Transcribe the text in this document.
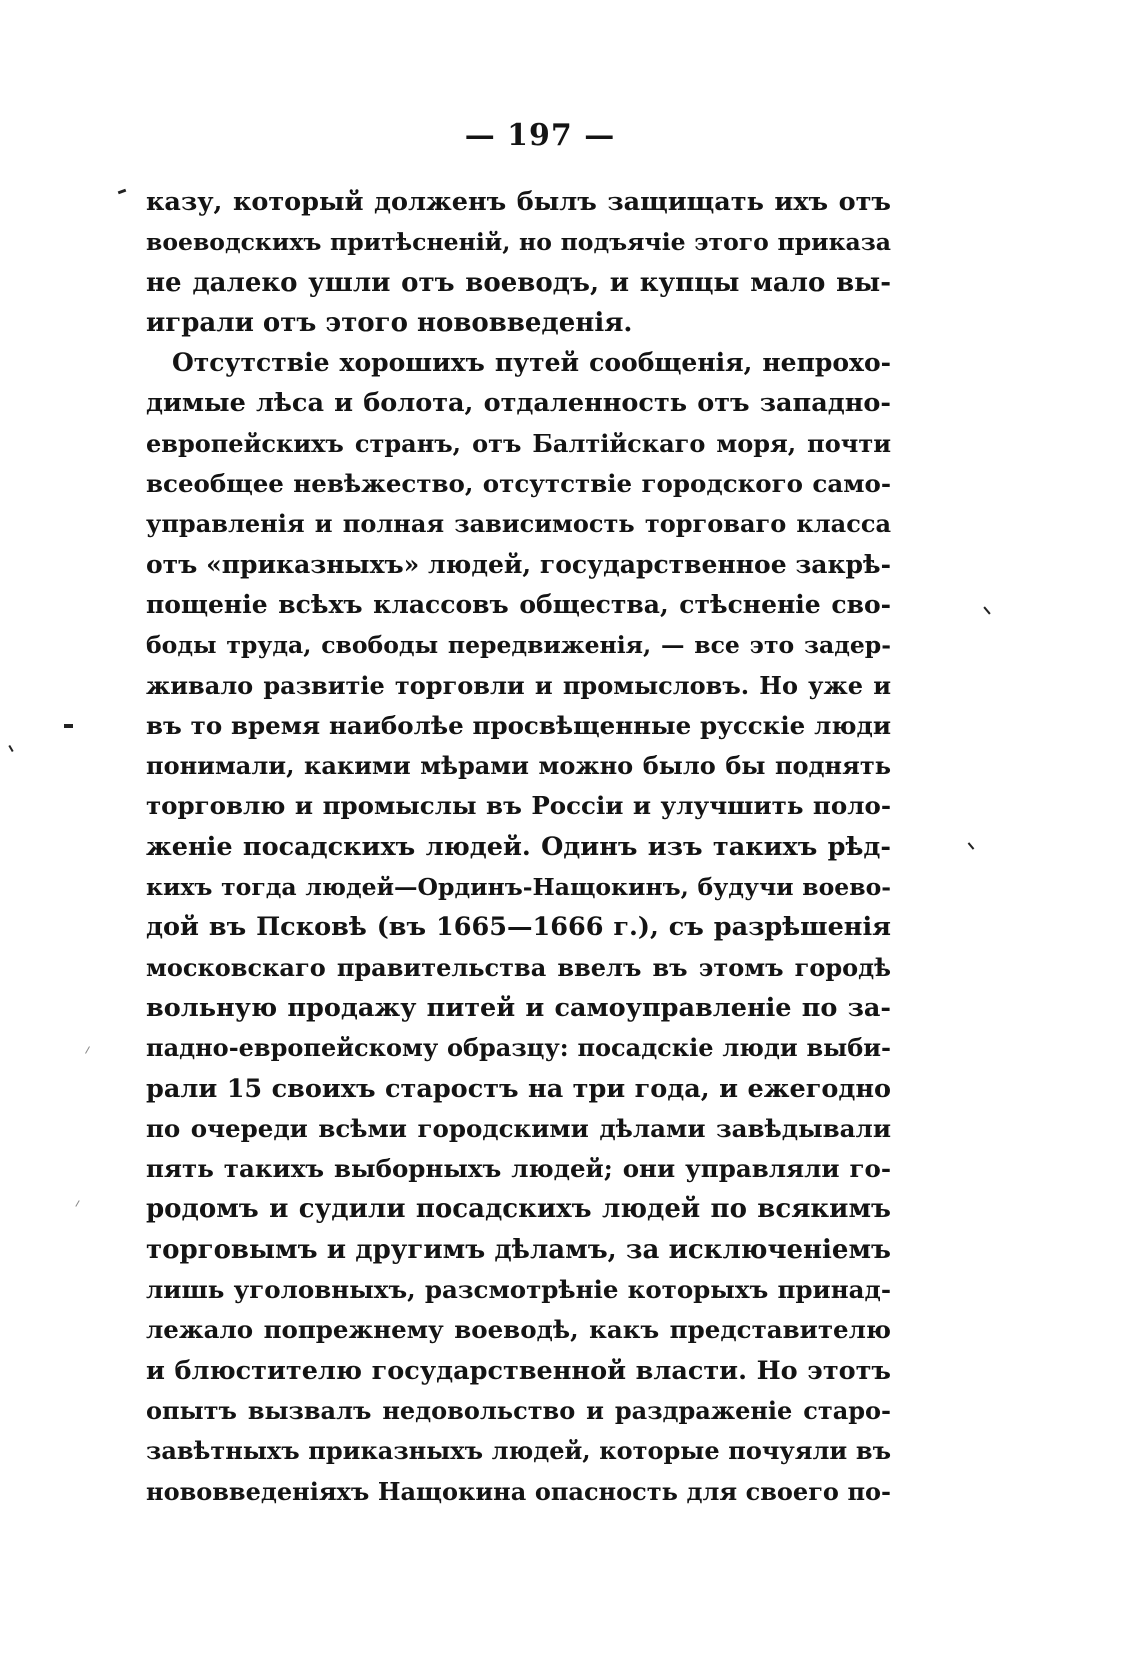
— 197 —
казу, который долженъ былъ защищать ихъ отъ
воеводскихъ притѣсненій, но подъячіе этого приказа
не далеко ушли отъ воеводъ, и купцы мало вы-
играли отъ этого нововведенія.
Отсутствіе хорошихъ путей сообщенія, непрохо-
димые лѣса и болота, отдаленность отъ западно-
европейскихъ странъ, отъ Балтійскаго моря, почти
всеобщее невѣжество, отсутствіе городского само-
управленія и полная зависимость торговаго класса
отъ «приказныхъ» людей, государственное закрѣ-
пощеніе всѣхъ классовъ общества, стѣсненіе сво-
боды труда, свободы передвиженія, — все это задер-
живало развитіе торговли и промысловъ. Но уже и
въ то время наиболѣе просвѣщенные русскіе люди
понимали, какими мѣрами можно было бы поднять
торговлю и промыслы въ Россіи и улучшить поло-
женіе посадскихъ людей. Одинъ изъ такихъ рѣд-
кихъ тогда людей—Ординъ-Нащокинъ, будучи воево-
дой въ Псковѣ (въ 1665—1666 г.), съ разрѣшенія
московскаго правительства ввелъ въ этомъ городѣ
вольную продажу питей и самоуправленіе по за-
падно-европейскому образцу: посадскіе люди выби-
рали 15 своихъ старостъ на три года, и ежегодно
по очереди всѣми городскими дѣлами завѣдывали
пять такихъ выборныхъ людей; они управляли го-
родомъ и судили посадскихъ людей по всякимъ
торговымъ и другимъ дѣламъ, за исключеніемъ
лишь уголовныхъ, разсмотрѣніе которыхъ принад-
лежало попрежнему воеводѣ, какъ представителю
и блюстителю государственной власти. Но этотъ
опытъ вызвалъ недовольство и раздраженіе старо-
завѣтныхъ приказныхъ людей, которые почуяли въ
нововведеніяхъ Нащокина опасность для своего по-
